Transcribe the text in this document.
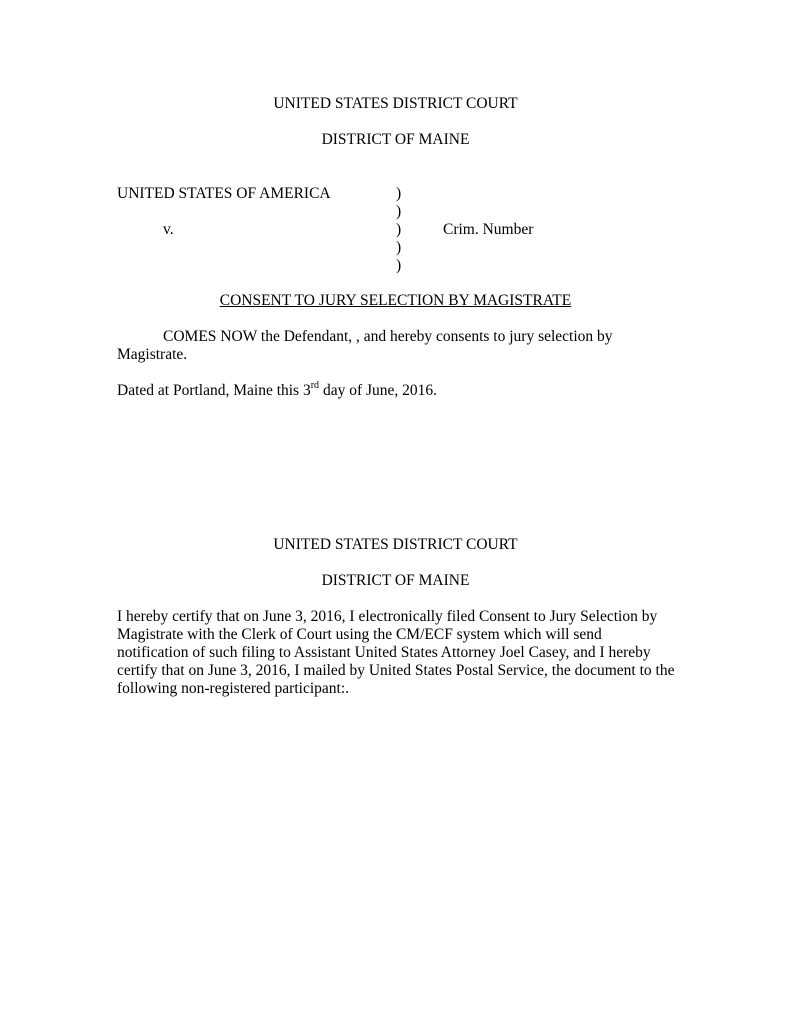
UNITED STATES DISTRICT COURT
DISTRICT OF MAINE
UNITED STATES OF AMERICA
v.
)
)
)
)
)
Crim. Number
CONSENT TO JURY SELECTION BY MAGISTRATE
COMES NOW the Defendant, , and hereby consents to jury selection by
Magistrate.
Dated at Portland, Maine this 3rd day of June, 2016.
UNITED STATES DISTRICT COURT
DISTRICT OF MAINE
I hereby certify that on June 3, 2016, I electronically filed Consent to Jury Selection by
Magistrate with the Clerk of Court using the CM/ECF system which will send
notification of such filing to Assistant United States Attorney Joel Casey, and I hereby
certify that on June 3, 2016, I mailed by United States Postal Service, the document to the
following non-registered participant:.
